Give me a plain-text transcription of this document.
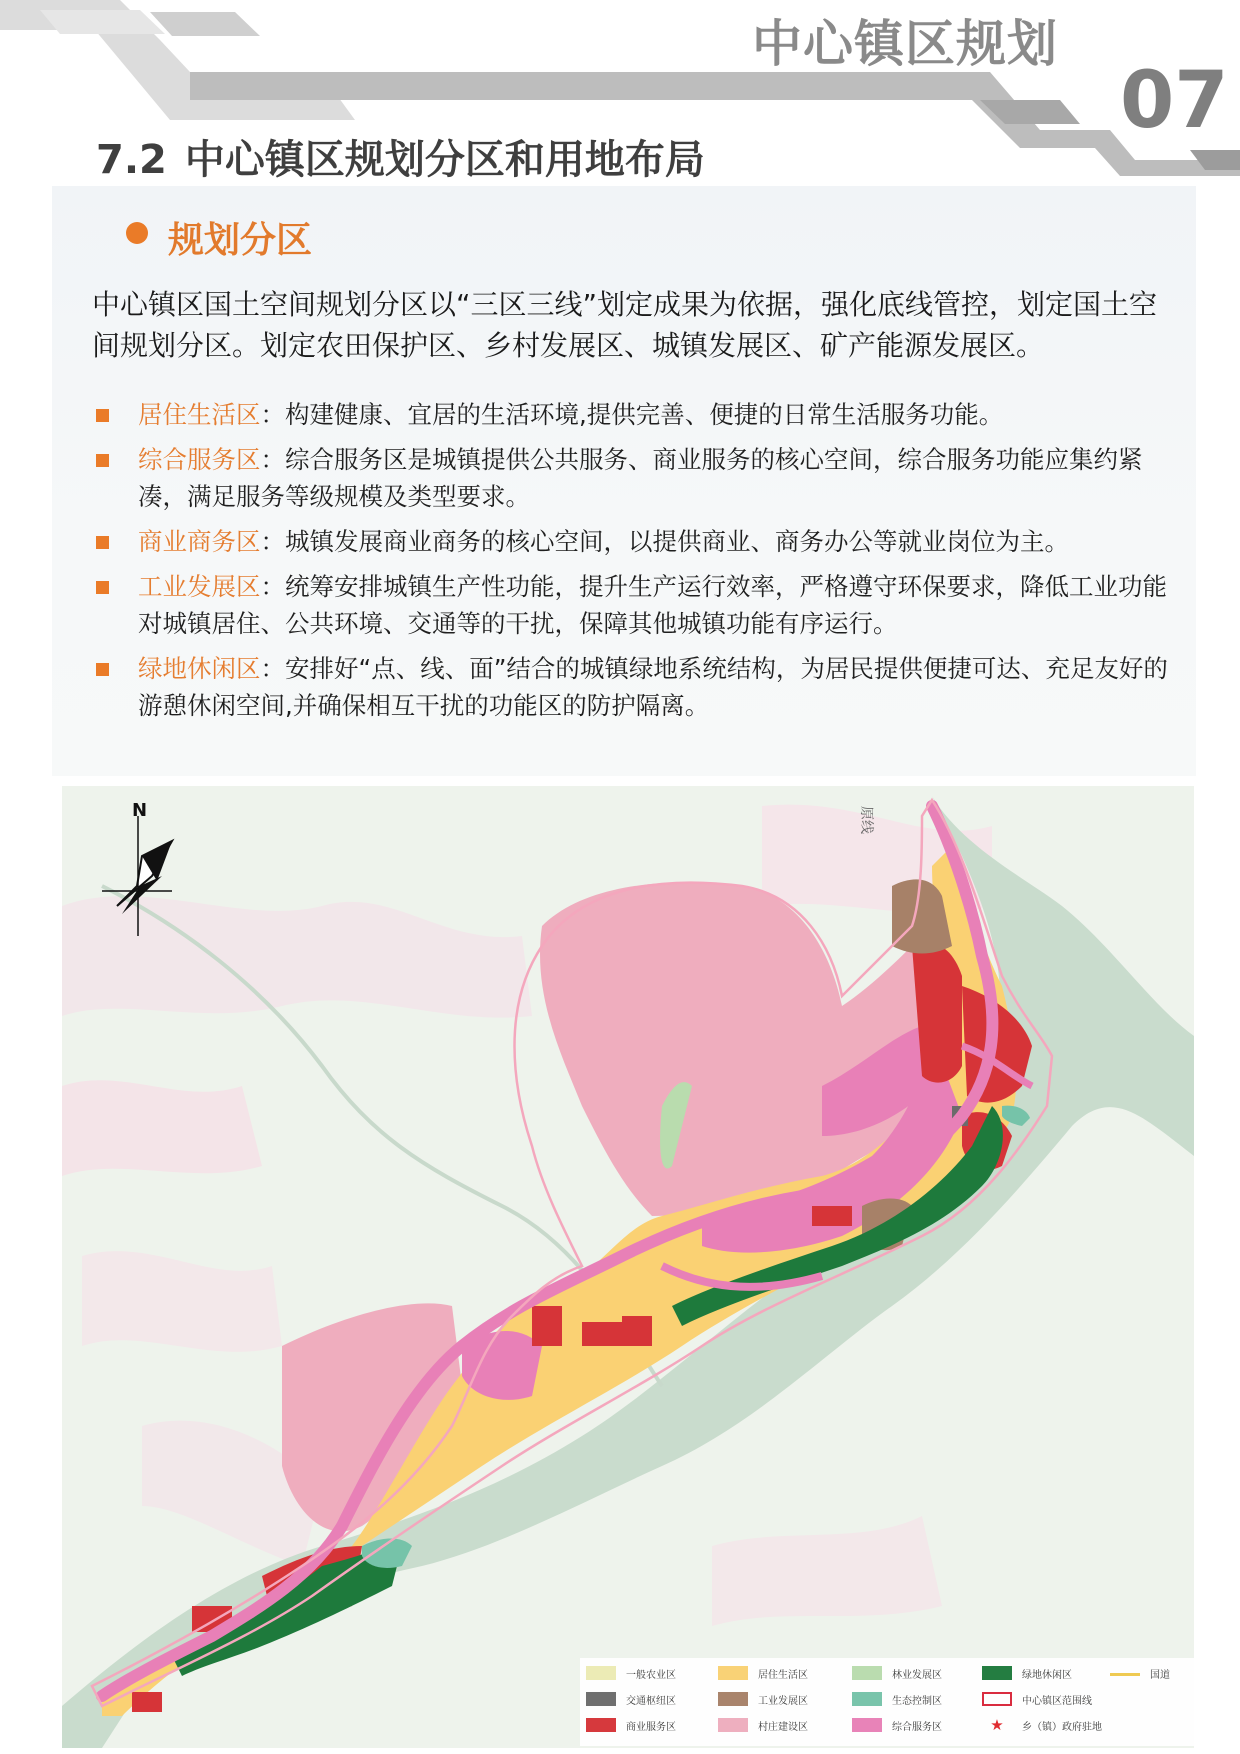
中心镇区规划
07
7.2 中心镇区规划分区和用地布局
规划分区
中心镇区国土空间规划分区以“三区三线”划定成果为依据，强化底线管控，划定国土空间规划分区。划定农田保护区、乡村发展区、城镇发展区、矿产能源发展区。
居住生活区：构建健康、宜居的生活环境,提供完善、便捷的日常生活服务功能。
综合服务区：综合服务区是城镇提供公共服务、商业服务的核心空间，综合服务功能应集约紧凑，满足服务等级规模及类型要求。
商业商务区：城镇发展商业商务的核心空间，以提供商业、商务办公等就业岗位为主。
工业发展区：统筹安排城镇生产性功能，提升生产运行效率，严格遵守环保要求，降低工业功能对城镇居住、公共环境、交通等的干扰，保障其他城镇功能有序运行。
绿地休闲区：安排好“点、线、面”结合的城镇绿地系统结构，为居民提供便捷可达、充足友好的游憩休闲空间,并确保相互干扰的功能区的防护隔离。
N	原线
一般农业区	居住生活区	林业发展区	绿地休闲区	国道
交通枢纽区	工业发展区	生态控制区	中心镇区范围线
商业服务区	村庄建设区	综合服务区	★	乡（镇）政府驻地
